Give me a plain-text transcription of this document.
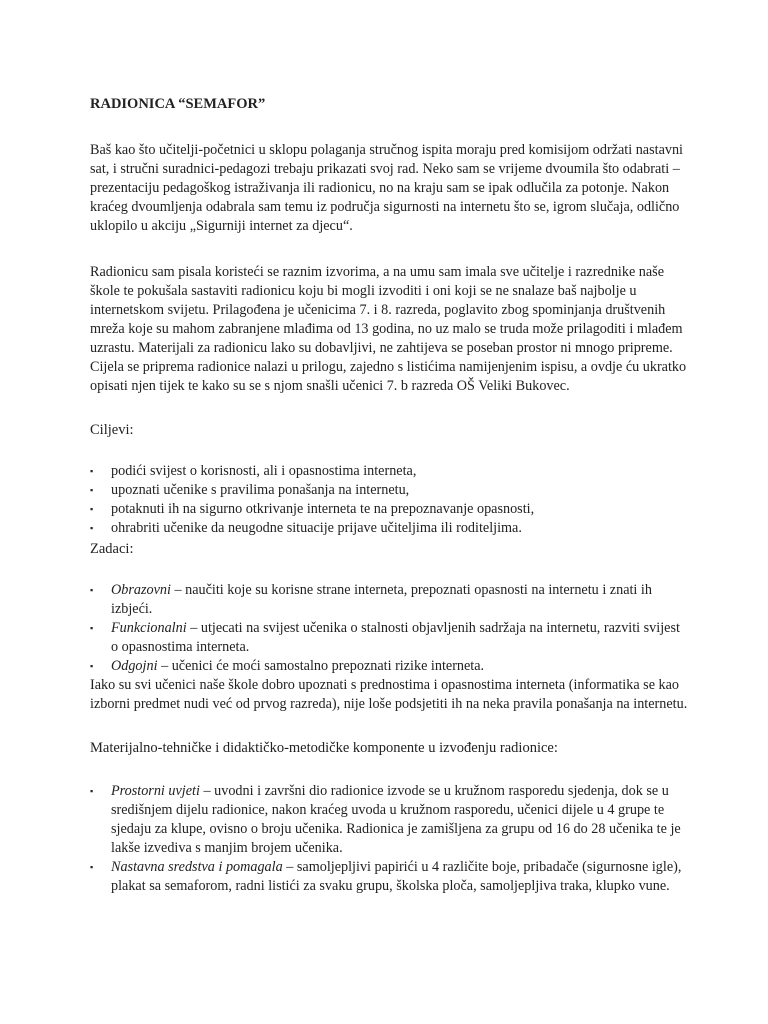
RADIONICA “SEMAFOR”

Baš kao što učitelji-početnici u sklopu polaganja stručnog ispita moraju pred komisijom održati nastavni sat, i stručni suradnici-pedagozi trebaju prikazati svoj rad. Neko sam se vrijeme dvoumila što odabrati – prezentaciju pedagoškog istraživanja ili radionicu, no na kraju sam se ipak odlučila za potonje. Nakon kraćeg dvoumljenja odabrala sam temu iz područja sigurnosti na internetu što se, igrom slučaja, odlično uklopilo u akciju „Sigurniji internet za djecu“.

Radionicu sam pisala koristeći se raznim izvorima, a na umu sam imala sve učitelje i razrednike naše škole te pokušala sastaviti radionicu koju bi mogli izvoditi i oni koji se ne snalaze baš najbolje u internetskom svijetu. Prilagođena je učenicima 7. i 8. razreda, poglavito zbog spominjanja društvenih mreža koje su mahom zabranjene mlađima od 13 godina, no uz malo se truda može prilagoditi i mlađem uzrastu. Materijali za radionicu lako su dobavljivi, ne zahtijeva se poseban prostor ni mnogo pripreme. Cijela se priprema radionice nalazi u prilogu, zajedno s listićima namijenjenim ispisu, a ovdje ću ukratko opisati njen tijek te kako su se s njom snašli učenici 7. b razreda OŠ Veliki Bukovec.

Ciljevi:
▪ podići svijest o korisnosti, ali i opasnostima interneta,
▪ upoznati učenike s pravilima ponašanja na internetu,
▪ potaknuti ih na sigurno otkrivanje interneta te na prepoznavanje opasnosti,
▪ ohrabriti učenike da neugodne situacije prijave učiteljima ili roditeljima.
Zadaci:
▪ Obrazovni – naučiti koje su korisne strane interneta, prepoznati opasnosti na internetu i znati ih izbjeći.
▪ Funkcionalni – utjecati na svijest učenika o stalnosti objavljenih sadržaja na internetu, razviti svijest o opasnostima interneta.
▪ Odgojni – učenici će moći samostalno prepoznati rizike interneta.

Iako su svi učenici naše škole dobro upoznati s prednostima i opasnostima interneta (informatika se kao izborni predmet nudi već od prvog razreda), nije loše podsjetiti ih na neka pravila ponašanja na internetu.

Materijalno-tehničke i didaktičko-metodičke komponente u izvođenju radionice:
▪ Prostorni uvjeti – uvodni i završni dio radionice izvode se u kružnom rasporedu sjedenja, dok se u središnjem dijelu radionice, nakon kraćeg uvoda u kružnom rasporedu, učenici dijele u 4 grupe te sjedaju za klupe, ovisno o broju učenika. Radionica je zamišljena za grupu od 16 do 28 učenika te je lakše izvediva s manjim brojem učenika.
▪ Nastavna sredstva i pomagala – samoljepljivi papirići u 4 različite boje, pribadače (sigurnosne igle), plakat sa semaforom, radni listići za svaku grupu, školska ploča, samoljepljiva traka, klupko vune.
